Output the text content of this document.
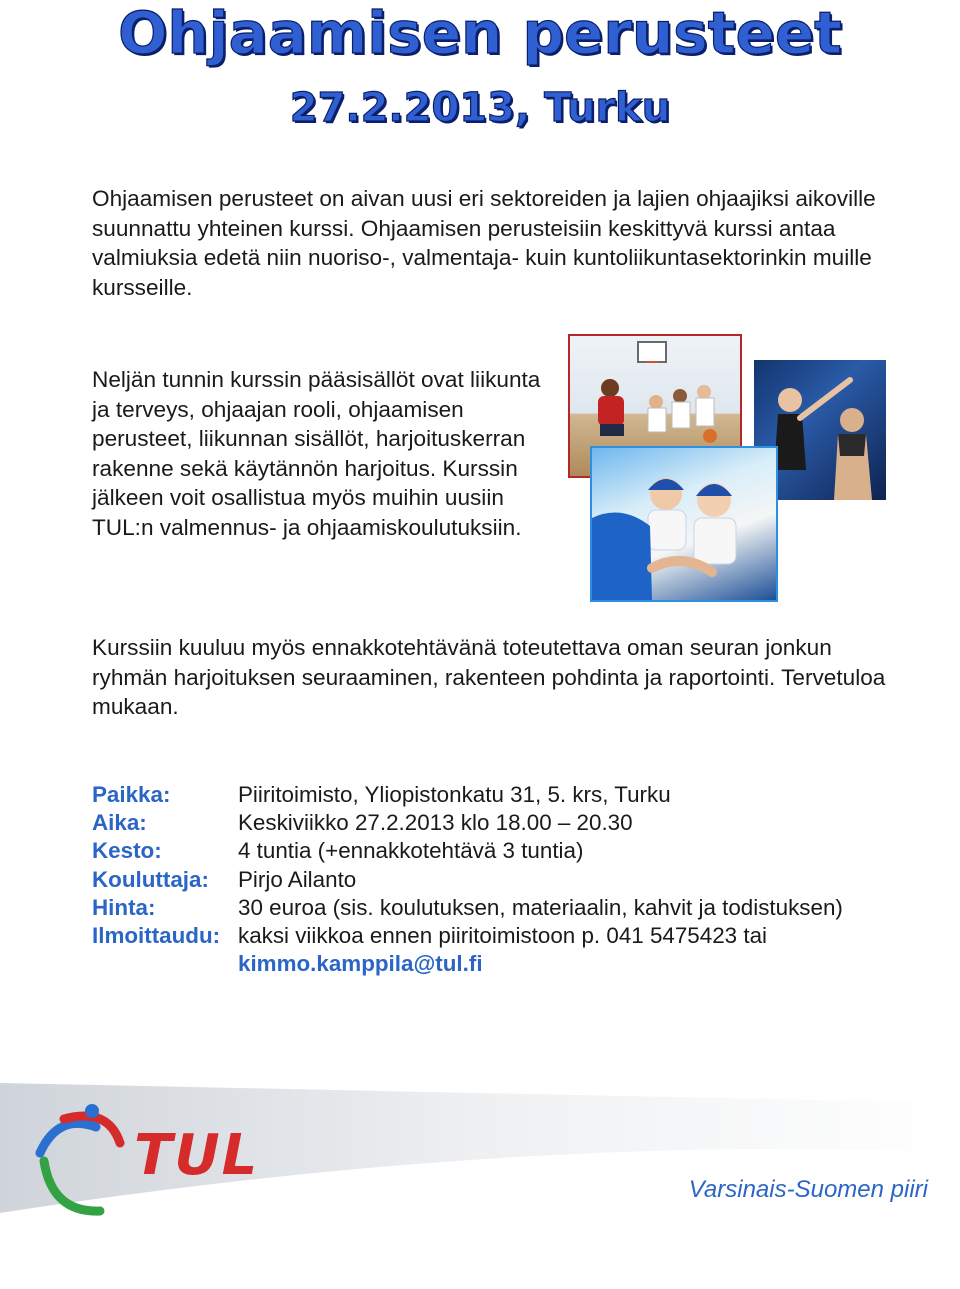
Ohjaamisen perusteet
27.2.2013, Turku

Ohjaamisen perusteet on aivan uusi eri sektoreiden ja lajien ohjaajiksi aikoville suunnattu yhteinen kurssi. Ohjaamisen perusteisiin keskittyvä kurssi antaa valmiuksia edetä niin nuoriso-, valmentaja- kuin kuntoliikuntasektorinkin muille kursseille.

Neljän tunnin kurssin pääsisällöt ovat liikunta ja terveys, ohjaajan rooli, ohjaamisen perusteet, liikunnan sisällöt, harjoituskerran rakenne sekä käytännön harjoitus. Kurssin jälkeen voit osallistua myös muihin uusiin TUL:n valmennus- ja ohjaamiskoulutuksiin.

Kurssiin kuuluu myös ennakkotehtävänä toteutettava oman seuran jonkun ryhmän harjoituksen seuraaminen, rakenteen pohdinta ja raportointi. Tervetuloa mukaan.

Paikka:	Piiritoimisto, Yliopistonkatu 31, 5. krs, Turku
Aika:	Keskiviikko 27.2.2013 klo 18.00 – 20.30
Kesto:	4 tuntia (+ennakkotehtävä 3 tuntia)
Kouluttaja: Pirjo Ailanto
Hinta:	30 euroa (sis. koulutuksen, materiaalin, kahvit ja todistuksen)
Ilmoittaudu: kaksi viikkoa ennen piiritoimistoon p. 041 5475423 tai
kimmo.kamppila@tul.fi
TUL
Varsinais-Suomen piiri
